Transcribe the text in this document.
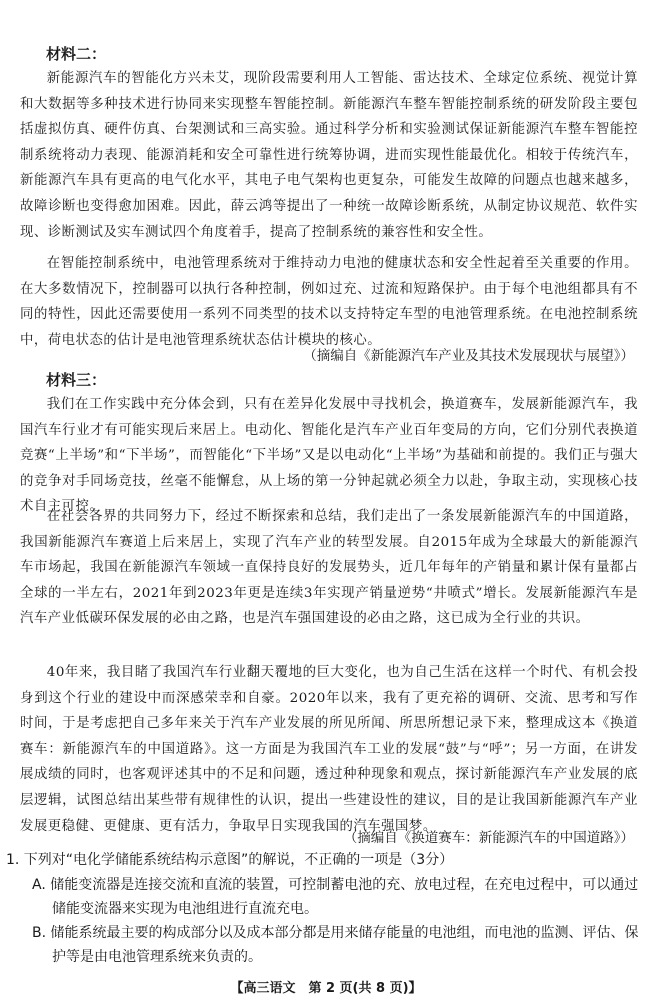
材料二：

新能源汽车的智能化方兴未艾，现阶段需要利用人工智能、雷达技术、全球定位系统、视觉计算和大数据等多种技术进行协同来实现整车智能控制。新能源汽车整车智能控制系统的研发阶段主要包括虚拟仿真、硬件仿真、台架测试和三高实验。通过科学分析和实验测试保证新能源汽车整车智能控制系统将动力表现、能源消耗和安全可靠性进行统筹协调，进而实现性能最优化。相较于传统汽车，新能源汽车具有更高的电气化水平，其电子电气架构也更复杂，可能发生故障的问题点也越来越多，故障诊断也变得愈加困难。因此，薛云鸿等提出了一种统一故障诊断系统，从制定协议规范、软件实现、诊断测试及实车测试四个角度着手，提高了控制系统的兼容性和安全性。

在智能控制系统中，电池管理系统对于维持动力电池的健康状态和安全性起着至关重要的作用。在大多数情况下，控制器可以执行各种控制，例如过充、过流和短路保护。由于每个电池组都具有不同的特性，因此还需要使用一系列不同类型的技术以支持特定车型的电池管理系统。在电池控制系统中，荷电状态的估计是电池管理系统状态估计模块的核心。

（摘编自《新能源汽车产业及其技术发展现状与展望》）
材料三：

我们在工作实践中充分体会到，只有在差异化发展中寻找机会，换道赛车，发展新能源汽车，我国汽车行业才有可能实现后来居上。电动化、智能化是汽车产业百年变局的方向，它们分别代表换道竞赛“上半场”和“下半场”，而智能化“下半场”又是以电动化“上半场”为基础和前提的。我们正与强大的竞争对手同场竞技，丝毫不能懈怠，从上场的第一分钟起就必须全力以赴，争取主动，实现核心技术自主可控。

在社会各界的共同努力下，经过不断探索和总结，我们走出了一条发展新能源汽车的中国道路，我国新能源汽车赛道上后来居上，实现了汽车产业的转型发展。自2015年成为全球最大的新能源汽车市场起，我国在新能源汽车领域一直保持良好的发展势头，近几年每年的产销量和累计保有量都占全球的一半左右，2021年到2023年更是连续3年实现产销量逆势“井喷式”增长。发展新能源汽车是汽车产业低碳环保发展的必由之路，也是汽车强国建设的必由之路，这已成为全行业的共识。

40年来，我目睹了我国汽车行业翻天覆地的巨大变化，也为自己生活在这样一个时代、有机会投身到这个行业的建设中而深感荣幸和自豪。2020年以来，我有了更充裕的调研、交流、思考和写作时间，于是考虑把自己多年来关于汽车产业发展的所见所闻、所思所想记录下来，整理成这本《换道赛车：新能源汽车的中国道路》。这一方面是为我国汽车工业的发展“鼓”与“呼”；另一方面，在讲发展成绩的同时，也客观评述其中的不足和问题，透过种种现象和观点，探讨新能源汽车产业发展的底层逻辑，试图总结出某些带有规律性的认识，提出一些建设性的建议，目的是让我国新能源汽车产业发展更稳健、更健康、更有活力，争取早日实现我国的汽车强国梦。

（摘编自《换道赛车：新能源汽车的中国道路》）
1. 下列对“电化学储能系统结构示意图”的解说，不正确的一项是（3分）
A. 储能变流器是连接交流和直流的装置，可控制蓄电池的充、放电过程，在充电过程中，可以通过储能变流器来实现为电池组进行直流充电。
B. 储能系统最主要的构成部分以及成本部分都是用来储存能量的电池组，而电池的监测、评估、保护等是由电池管理系统来负责的。
【高三语文　第 2 页(共 8 页)】
